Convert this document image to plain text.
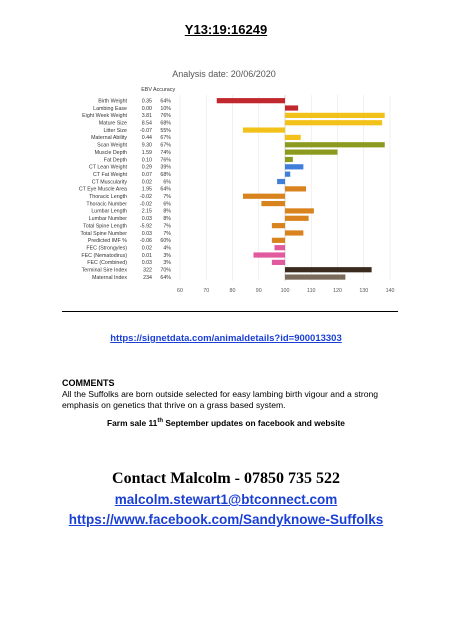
Y13:19:16249
Analysis date: 20/06/2020
EBV Accuracy
Birth Weight	0.35 64%
Lambing Ease	0.00 10%
Eight Week Weight	3.81 76%
Mature Size	8.54 68%
Litter Size -0.07 55%
Maternal Ability	0.44 67%
Scan Weight	9.30 67%
Muscle Depth	1.59 74%
Fat Depth	0.10 76%
CT Lean Weight	0.29 39%
CT Fat Weight	0.07 68%
CT Muscularity	0.02 6%
CT Eye Muscle Area	1.95 64%
Thoracic Length -0.02 7%
Thoracic Number -0.02 6%
Lumbar Length	2.15 8%
Lumbar Number	0.03 8%
Total Spine Length -5.92 7%
Total Spine Number	0.03 7%
Predicted IMF % -0.06 60%
FEC (Strongyles)	0.02 4%
FEC (Nematodirus)	0.01 3%
FEC (Combined)	0.03 3%
Terminal Sire Index	322 70%
Maternal Index	234 64%
60	70	80	90	100	110	120	130	140
https://signetdata.com/animaldetails?id=900013303
COMMENTS
All the Suffolks are born outside selected for easy lambing birth vigour and a strong emphasis on genetics that thrive on a grass based system.
Farm sale 11th September updates on facebook and website
Contact Malcolm - 07850 735 522
malcolm.stewart1@btconnect.com
https://www.facebook.com/Sandyknowe-Suffolks
